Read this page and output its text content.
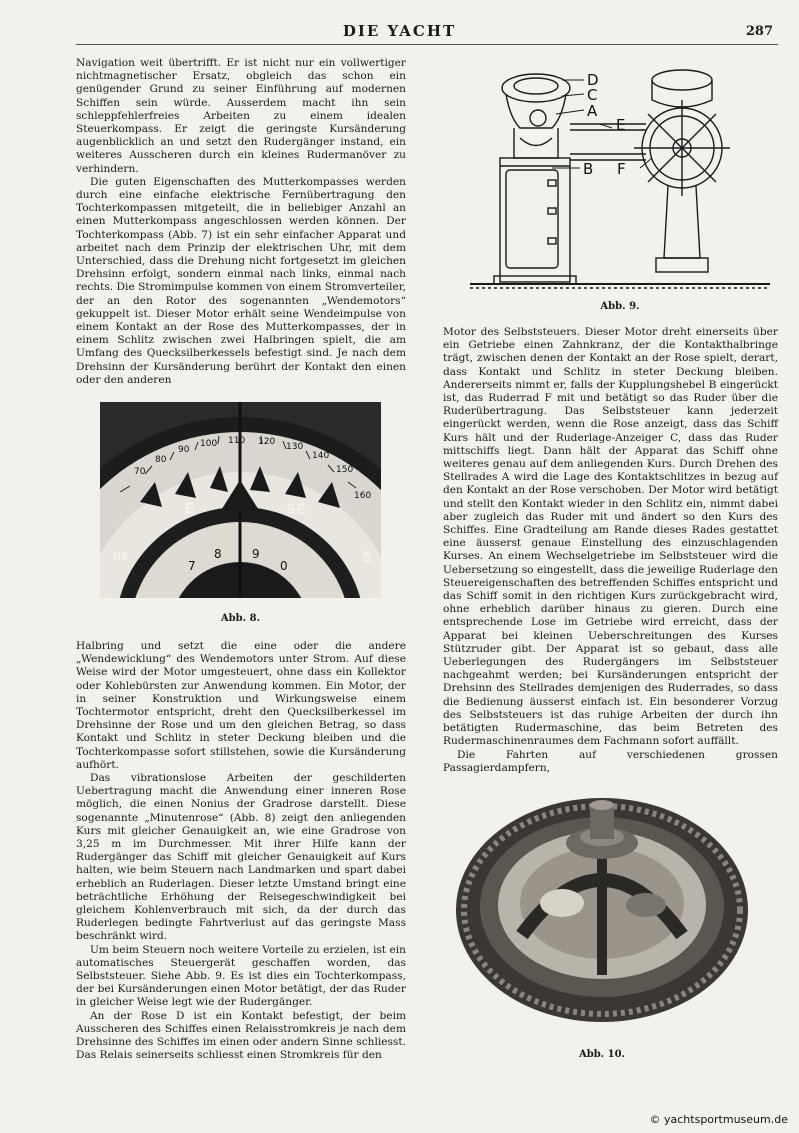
DIE YACHT	287

Navigation weit übertrifft. Er ist nicht nur ein vollwertiger nichtmagnetischer Ersatz, obgleich das schon ein genügender Grund zu seiner Einführung auf modernen Schiffen sein würde. Ausserdem macht ihn sein schleppfehlerfreies Arbeiten zu einem idealen Steuerkompass. Er zeigt die geringste Kursänderung augenblicklich an und setzt den Rudergänger instand, ein weiteres Ausscheren durch ein kleines Rudermanöver zu verhindern.

Die guten Eigenschaften des Mutterkompasses werden durch eine einfache elektrische Fernübertragung den Tochterkompassen mitgeteilt, die in beliebiger Anzahl an einen Mutterkompass angeschlossen werden können. Der Tochterkompass (Abb. 7) ist ein sehr einfacher Apparat und arbeitet nach dem Prinzip der elektrischen Uhr, mit dem Unterschied, dass die Drehung nicht fortgesetzt im gleichen Drehsinn erfolgt, sondern einmal nach links, einmal nach rechts. Die Stromimpulse kommen von einem Stromverteiler, der an den Rotor des sogenannten „Wendemotors“ gekuppelt ist. Dieser Motor erhält seine Wendeimpulse von einem Kontakt an der Rose des Mutterkompasses, der in einem Schlitz zwischen zwei Halbringen spielt, die am Umfang des Quecksilberkessels befestigt sind. Je nach dem Drehsinn der Kursänderung berührt der Kontakt den einen oder den anderen

70
80
90
100 110 120 130
140
150
160
E	SE
NE	S
7
8	9
0
Abb. 8.

Halbring und setzt die eine oder die andere „Wendewicklung“ des Wendemotors unter Strom. Auf diese Weise wird der Motor umgesteuert, ohne dass ein Kollektor oder Kohlebürsten zur Anwendung kommen. Ein Motor, der in seiner Konstruktion und Wirkungsweise einem Tochtermotor entspricht, dreht den Quecksilberkessel im Drehsinne der Rose und um den gleichen Betrag, so dass Kontakt und Schlitz in steter Deckung bleiben und die Tochterkompasse sofort stillstehen, sowie die Kursänderung aufhört.

Das vibrationslose Arbeiten der geschilderten Uebertragung macht die Anwendung einer inneren Rose möglich, die einen Nonius der Gradrose darstellt. Diese sogenannte „Minutenrose“ (Abb. 8) zeigt den anliegenden Kurs mit gleicher Genauigkeit an, wie eine Gradrose von 3,25 m im Durchmesser. Mit ihrer Hilfe kann der Rudergänger das Schiff mit gleicher Genauigkeit auf Kurs halten, wie beim Steuern nach Landmarken und spart dabei erheblich an Ruderlagen. Dieser letzte Umstand bringt eine beträchtliche Erhöhung der Reisegeschwindigkeit bei gleichem Kohlenverbrauch mit sich, da der durch das Ruderlegen bedingte Fahrtverlust auf das geringste Mass beschränkt wird.

Um beim Steuern noch weitere Vorteile zu erzielen, ist ein automatisches Steuergerät geschaffen worden, das Selbststeuer. Siehe Abb. 9. Es ist dies ein Tochterkompass, der bei Kursänderungen einen Motor betätigt, der das Ruder in gleicher Weise legt wie der Rudergänger.

An der Rose D ist ein Kontakt befestigt, der beim Ausscheren des Schiffes einen Relaisstromkreis je nach dem Drehsinne des Schiffes im einen oder andern Sinne schliesst. Das Relais seinerseits schliesst einen Stromkreis für den

D
C
A
E
F
B
Abb. 9.

Motor des Selbststeuers. Dieser Motor dreht einerseits über ein Getriebe einen Zahnkranz, der die Kontakthalbringe trägt, zwischen denen der Kontakt an der Rose spielt, derart, dass Kontakt und Schlitz in steter Deckung bleiben. Andererseits nimmt er, falls der Kupplungshebel B eingerückt ist, das Ruderrad F mit und betätigt so das Ruder über die Ruderübertragung. Das Selbststeuer kann jederzeit eingerückt werden, wenn die Rose anzeigt, dass das Schiff Kurs hält und der Ruderlage-Anzeiger C, dass das Ruder mittschiffs liegt. Dann hält der Apparat das Schiff ohne weiteres genau auf dem anliegenden Kurs. Durch Drehen des Stellrades A wird die Lage des Kontaktschlitzes in bezug auf den Kontakt an der Rose verschoben. Der Motor wird betätigt und stellt den Kontakt wieder in den Schlitz ein, nimmt dabei aber zugleich das Ruder mit und ändert so den Kurs des Schiffes. Eine Gradteilung am Rande dieses Rades gestattet eine äusserst genaue Einstellung des einzuschlagenden Kurses. An einem Wechselgetriebe im Selbststeuer wird die Uebersetzung so eingestellt, dass die jeweilige Ruderlage den Steuereigenschaften des betreffenden Schiffes entspricht und das Schiff somit in den richtigen Kurs zurückgebracht wird, ohne erheblich darüber hinaus zu gieren. Durch eine entsprechende Lose im Getriebe wird erreicht, dass der Apparat bei kleinen Ueberschreitungen des Kurses Stützruder gibt. Der Apparat ist so gebaut, dass alle Ueberlegungen des Rudergängers im Selbststeuer nachgeahmt werden; bei Kursänderungen entspricht der Drehsinn des Stellrades demjenigen des Ruderrades, so dass die Bedienung äusserst einfach ist. Ein besonderer Vorzug des Selbststeuers ist das ruhige Arbeiten der durch ihn betätigten Rudermaschine, das beim Betreten des Rudermaschinenraumes dem Fachmann sofort auffällt.

Die Fahrten auf verschiedenen grossen Passagierdampfern,

Abb. 10.
© yachtsportmuseum.de
